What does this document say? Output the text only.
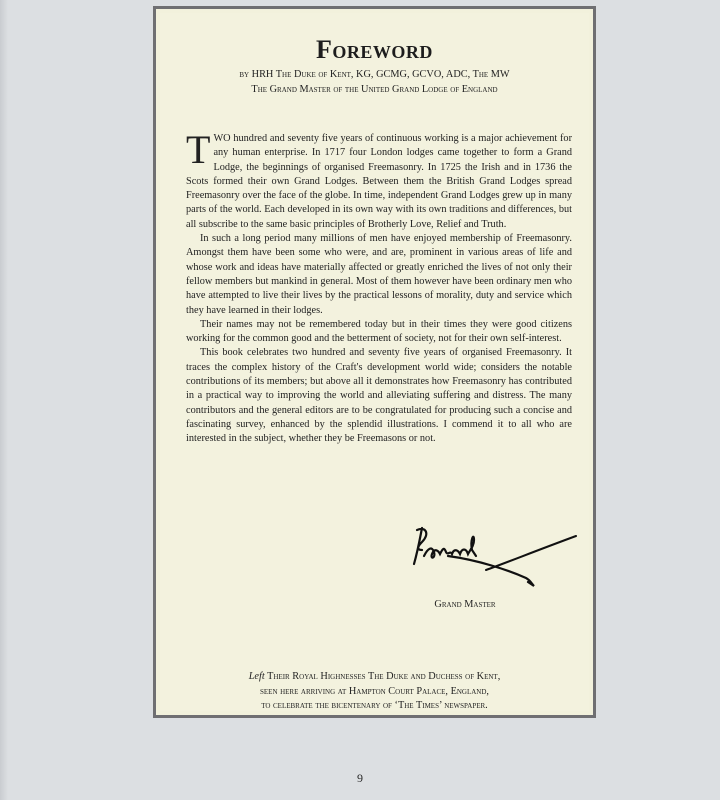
Foreword
by HRH The Duke of Kent, KG, GCMG, GCVO, ADC, The MW
The Grand Master of the United Grand Lodge of England

TWO hundred and seventy five years of continuous working is a major achievement for any human enterprise. In 1717 four London lodges came together to form a Grand Lodge, the beginnings of organised Freemasonry. In 1725 the Irish and in 1736 the Scots formed their own Grand Lodges. Between them the British Grand Lodges spread Freemasonry over the face of the globe. In time, independent Grand Lodges grew up in many parts of the world. Each developed in its own way with its own traditions and differences, but all subscribe to the same basic principles of Brotherly Love, Relief and Truth.

In such a long period many millions of men have enjoyed membership of Freemasonry. Amongst them have been some who were, and are, prominent in various areas of life and whose work and ideas have materially affected or greatly enriched the lives of not only their fellow members but mankind in general. Most of them however have been ordinary men who have attempted to live their lives by the practical lessons of morality, duty and service which they have learned in their lodges.

Their names may not be remembered today but in their times they were good citizens working for the common good and the betterment of society, not for their own self-interest.

This book celebrates two hundred and seventy five years of organised Freemasonry. It traces the complex history of the Craft's development world wide; considers the notable contributions of its members; but above all it demonstrates how Freemasonry has contributed in a practical way to improving the world and alleviating suffering and distress. The many contributors and the general editors are to be congratulated for producing such a concise and fascinating survey, enhanced by the splendid illustrations. I commend it to all who are interested in the subject, whether they be Freemasons or not.

Grand Master
Left Their Royal Highnesses The Duke and Duchess of Kent,
seen here arriving at Hampton Court Palace, England,
to celebrate the bicentenary of ‘The Times’ newspaper.
9
